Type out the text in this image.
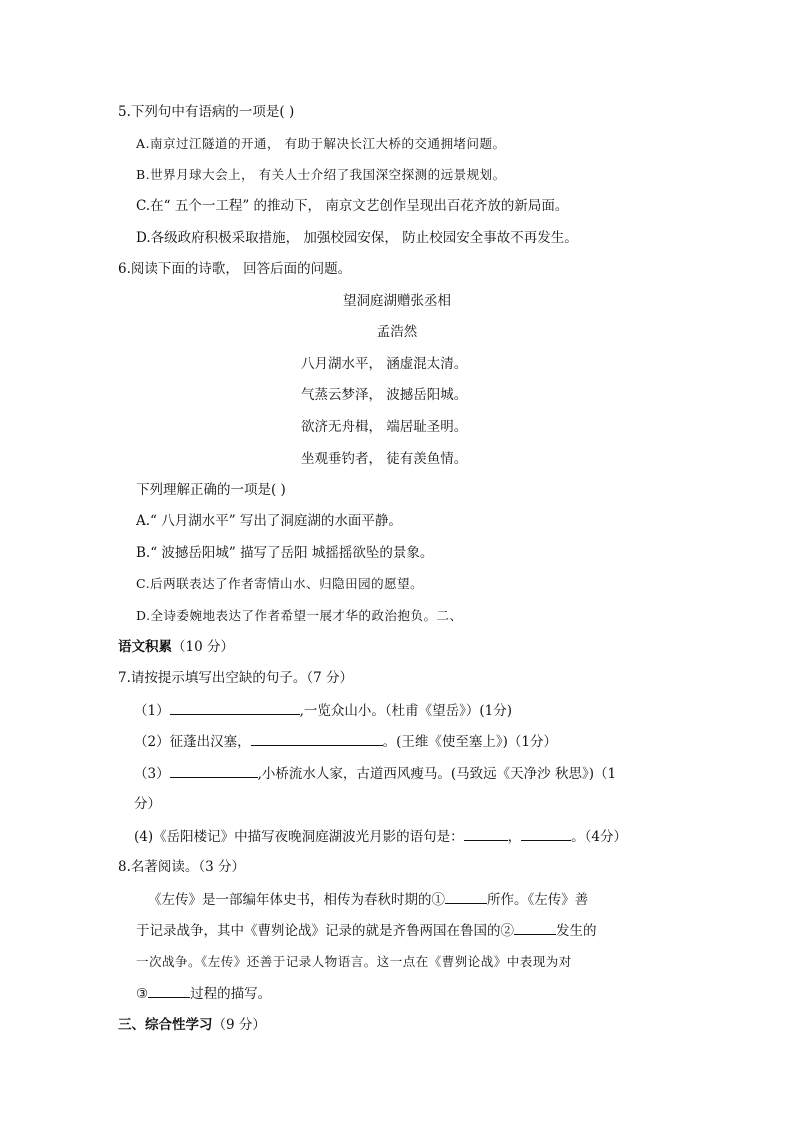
5.下列句中有语病的一项是( )
A.南京过江隧道的开通， 有助于解决长江大桥的交通拥堵问题。
B.世界月球大会上， 有关人士介绍了我国深空探测的远景规划。
C.在“ 五个一工程” 的推动下， 南京文艺创作呈现出百花齐放的新局面。
D.各级政府积极采取措施， 加强校园安保， 防止校园安全事故不再发生。
6.阅读下面的诗歌， 回答后面的问题。
望洞庭湖赠张丞相
孟浩然
八月湖水平， 涵虚混太清。
气蒸云梦泽， 波撼岳阳城。
欲济无舟楫， 端居耻圣明。
坐观垂钓者， 徒有羡鱼情。
下列理解正确的一项是( )
A.“ 八月湖水平” 写出了洞庭湖的水面平静。
B.“ 波撼岳阳城” 描写了岳阳 城摇摇欲坠的景象。
C.后两联表达了作者寄情山水、归隐田园的愿望。
D.全诗委婉地表达了作者希望一展才华的政治抱负。二、
语文积累（10 分）
7.请按提示填写出空缺的句子。（7 分）
（1）	,一览众山小。（杜甫《望岳》）(1分)
（2）征蓬出汉塞，	。(王维《使至塞上》)（1分）
（3）	,小桥流水人家，古道西风瘦马。(马致远《天净沙 秋思》)（1
分）
(4)《岳阳楼记》中描写夜晚洞庭湖波光月影的语句是：	，	。（4分）
8.名著阅读。（3 分）
《左传》是一部编年体史书，相传为春秋时期的①	所作。《左传》善
于记录战争，其中《曹刿论战》记录的就是齐鲁两国在鲁国的②	发生的
一次战争。《左传》还善于记录人物语言。这一点在《曹刿论战》中表现为对
③	过程的描写。
三、综合性学习（9 分）
